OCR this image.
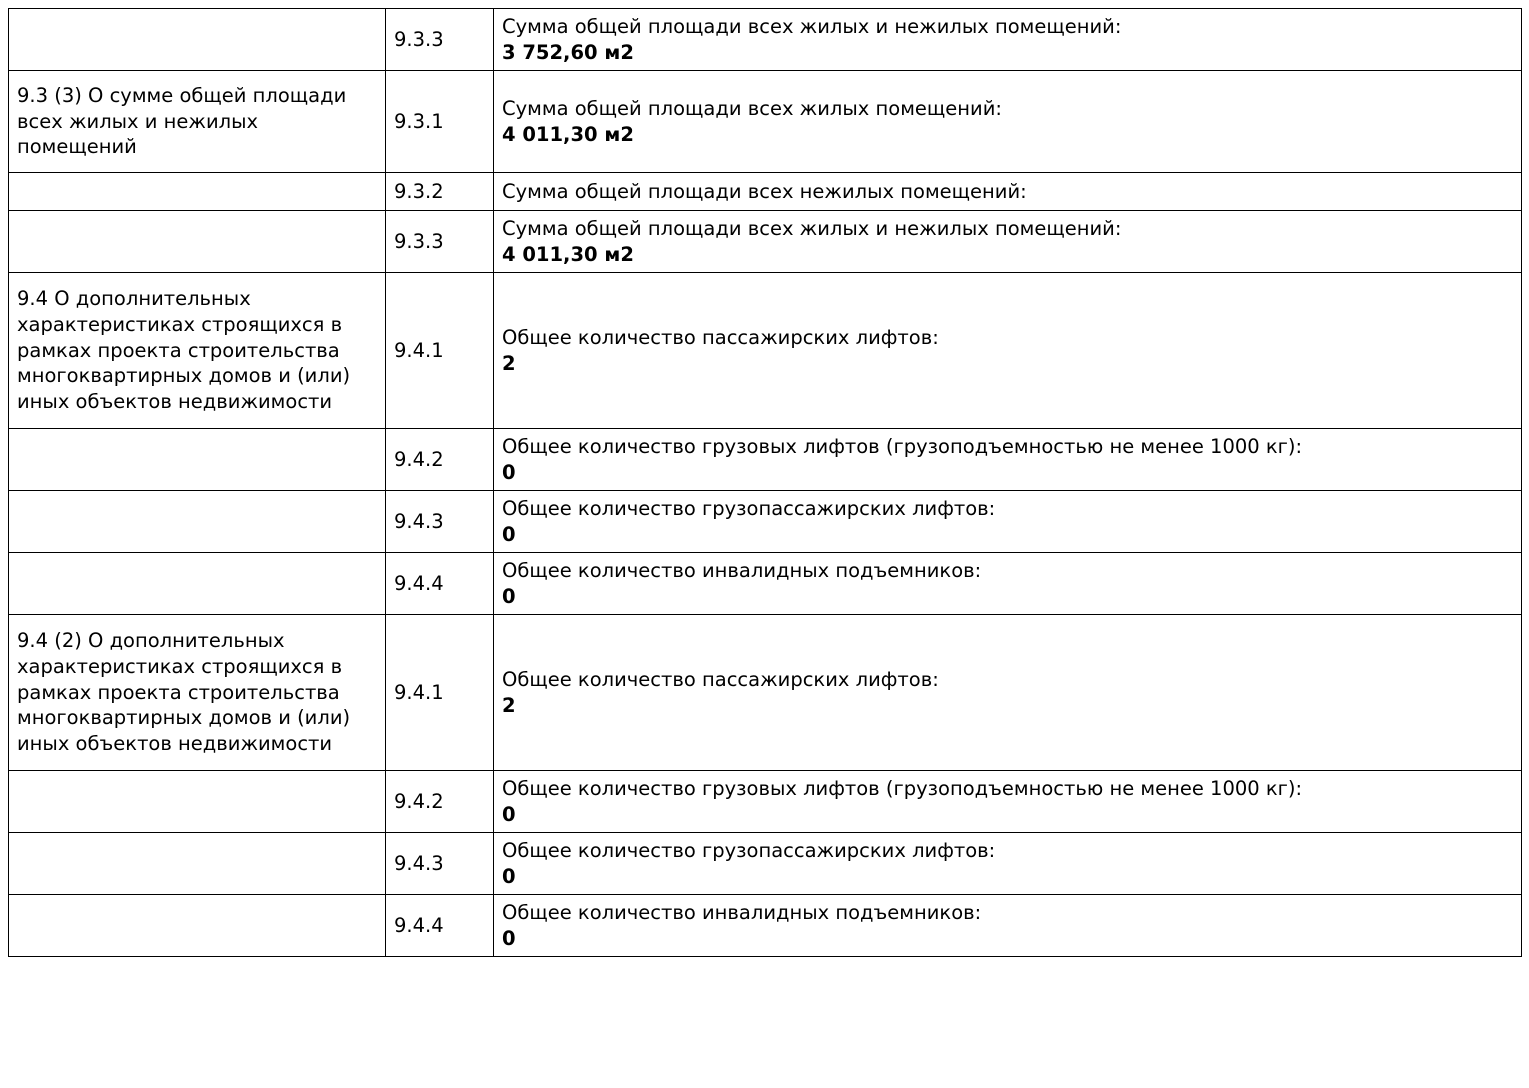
	9.3.3	Сумма общей площади всех жилых и нежилых помещений:
3 752,60 м2

9.3 (3) О сумме общей площади
всех жилых и нежилых
помещений	9.3.1	Сумма общей площади всех жилых помещений:
4 011,30 м2

	9.3.2	Сумма общей площади всех нежилых помещений:

	9.3.3	Сумма общей площади всех жилых и нежилых помещений:
4 011,30 м2

9.4 О дополнительных
характеристиках строящихся в
рамках проекта строительства
многоквартирных домов и (или)
иных объектов недвижимости	9.4.1	Общее количество пассажирских лифтов:
2

	9.4.2	Общее количество грузовых лифтов (грузоподъемностью не менее 1000 кг):
0

	9.4.3	Общее количество грузопассажирских лифтов:
0

	9.4.4	Общее количество инвалидных подъемников:
0

9.4 (2) О дополнительных
характеристиках строящихся в
рамках проекта строительства
многоквартирных домов и (или)
иных объектов недвижимости	9.4.1	Общее количество пассажирских лифтов:
2

	9.4.2	Общее количество грузовых лифтов (грузоподъемностью не менее 1000 кг):
0

	9.4.3	Общее количество грузопассажирских лифтов:
0

	9.4.4	Общее количество инвалидных подъемников:
0
